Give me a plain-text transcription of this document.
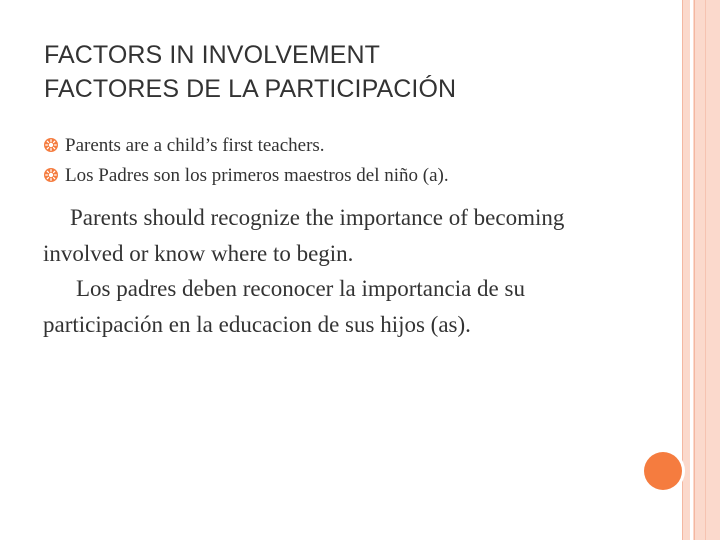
FACTORS IN INVOLVEMENT
FACTORES DE LA PARTICIPACIÓN
Parents are a child’s first teachers.
Los Padres son los primeros maestros del niño (a).

Parents should recognize the importance of becoming involved or know where to begin.

Los padres deben reconocer la importancia de su participación en la educacion de sus hijos (as).
